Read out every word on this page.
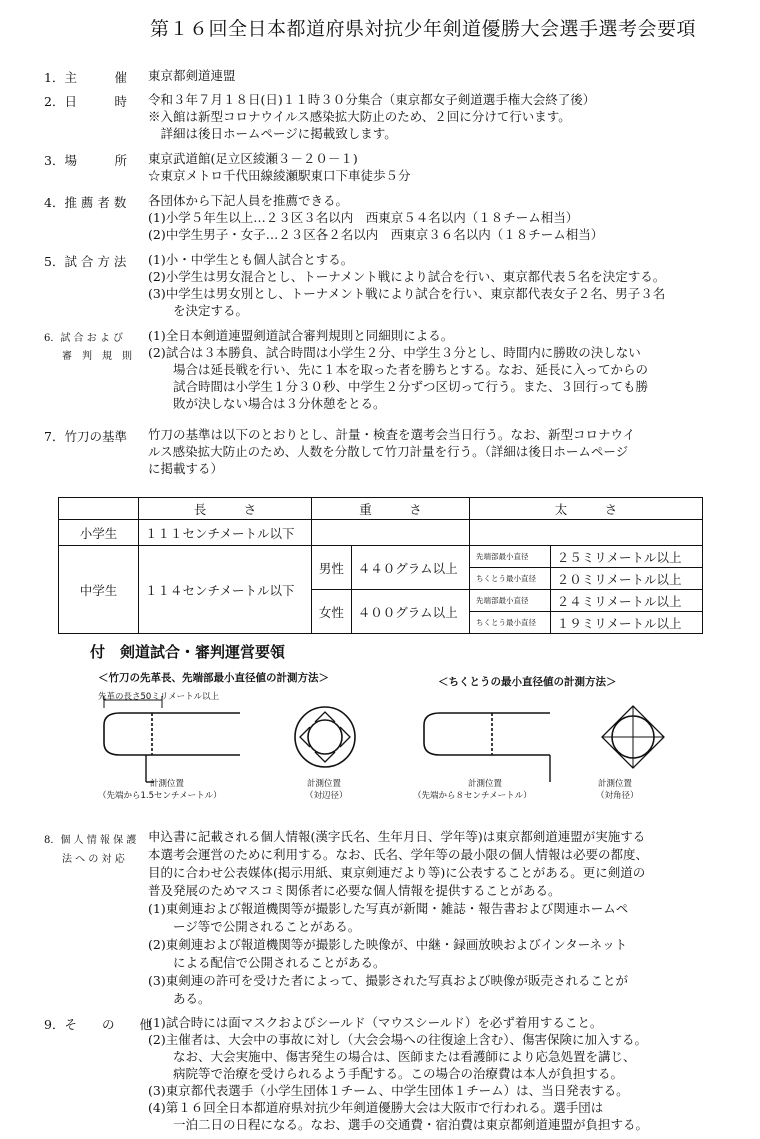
第１６回全日本都道府県対抗少年剣道優勝大会選手選考会要項
1．主　　　催 東京都剣道連盟
2．日　　　時 令和３年７月１８日(日)１１時３０分集合（東京都女子剣道選手権大会終了後）
※入館は新型コロナウイルス感染拡大防止のため、２回に分けて行います。
　詳細は後日ホームページに掲載致します。
3．場　　　所 東京武道館(足立区綾瀬３－２０－１)
☆東京メトロ千代田線綾瀬駅東口下車徒歩５分
4．推 薦 者 数 各団体から下記人員を推薦できる。
(1)小学５年生以上…２３区３名以内　西東京５４名以内（１８チーム相当）
(2)中学生男子・女子…２３区各２名以内　西東京３６名以内（１８チーム相当）
5．試 合 方 法 (1)小・中学生とも個人試合とする。
(2)小学生は男女混合とし、トーナメント戦により試合を行い、東京都代表５名を決定する。
(3)中学生は男女別とし、トーナメント戦により試合を行い、東京都代表女子２名、男子３名
　　を決定する。
6．試 合 お よ び
審　判　規　則
(1)全日本剣道連盟剣道試合審判規則と同細則による。
(2)試合は３本勝負、試合時間は小学生２分、中学生３分とし、時間内に勝敗の決しない
　　場合は延長戦を行い、先に１本を取った者を勝ちとする。なお、延長に入ってからの
　　試合時間は小学生１分３０秒、中学生２分ずつ区切って行う。また、３回行っても勝
　　敗が決しない場合は３分休憩をとる。
7．竹刀の基準 竹刀の基準は以下のとおりとし、計量・検査を選考会当日行う。なお、新型コロナウイ
ルス感染拡大防止のため、人数を分散して竹刀計量を行う。（詳細は後日ホームページ
に掲載する）
	長　　　さ	重　　　さ		太　　　さ	
小学生	１１１センチメートル以下				
中学生	１１４センチメートル以下	男性	４４０グラム以上	先端部最小直径	２５ミリメートル以上
				ちくとう最小直径	２０ミリメートル以上
		女性	４００グラム以上	先端部最小直径	２４ミリメートル以上
				ちくとう最小直径	１９ミリメートル以上
付　剣道試合・審判運営要領
＜竹刀の先革長、先端部最小直径値の計測方法＞	＜ちくとうの最小直径値の計測方法＞
先革の長さ50ミリメートル以上
計測位置
（先端から1.5センチメートル）
計測位置
（対辺径）
計測位置
（先端から８センチメートル）
計測位置
（対角径）
8．個 人 情 報 保 護
法 へ の 対 応
申込書に記載される個人情報(漢字氏名、生年月日、学年等)は東京都剣道連盟が実施する
本選考会運営のために利用する。なお、氏名、学年等の最小限の個人情報は必要の都度、
目的に合わせ公表媒体(掲示用紙、東京剣連だより等)に公表することがある。更に剣道の
普及発展のためマスコミ関係者に必要な個人情報を提供することがある。
(1)東剣連および報道機関等が撮影した写真が新聞・雑誌・報告書および関連ホームペ
　　ージ等で公開されることがある。
(2)東剣連および報道機関等が撮影した映像が、中継・録画放映およびインターネット
　　による配信で公開されることがある。
(3)東剣連の許可を受けた者によって、撮影された写真および映像が販売されることが
　　ある。
9．そ　　の　　他
(1)試合時には面マスクおよびシールド（マウスシールド）を必ず着用すること。
(2)主催者は、大会中の事故に対し（大会会場への往復途上含む）、傷害保険に加入する。
　　なお、大会実施中、傷害発生の場合は、医師または看護師により応急処置を講じ、
　　病院等で治療を受けられるよう手配する。この場合の治療費は本人が負担する。
(3)東京都代表選手（小学生団体１チーム、中学生団体１チーム）は、当日発表する。
(4)第１６回全日本都道府県対抗少年剣道優勝大会は大阪市で行われる。選手団は
　　一泊二日の日程になる。なお、選手の交通費・宿泊費は東京都剣道連盟が負担する。
